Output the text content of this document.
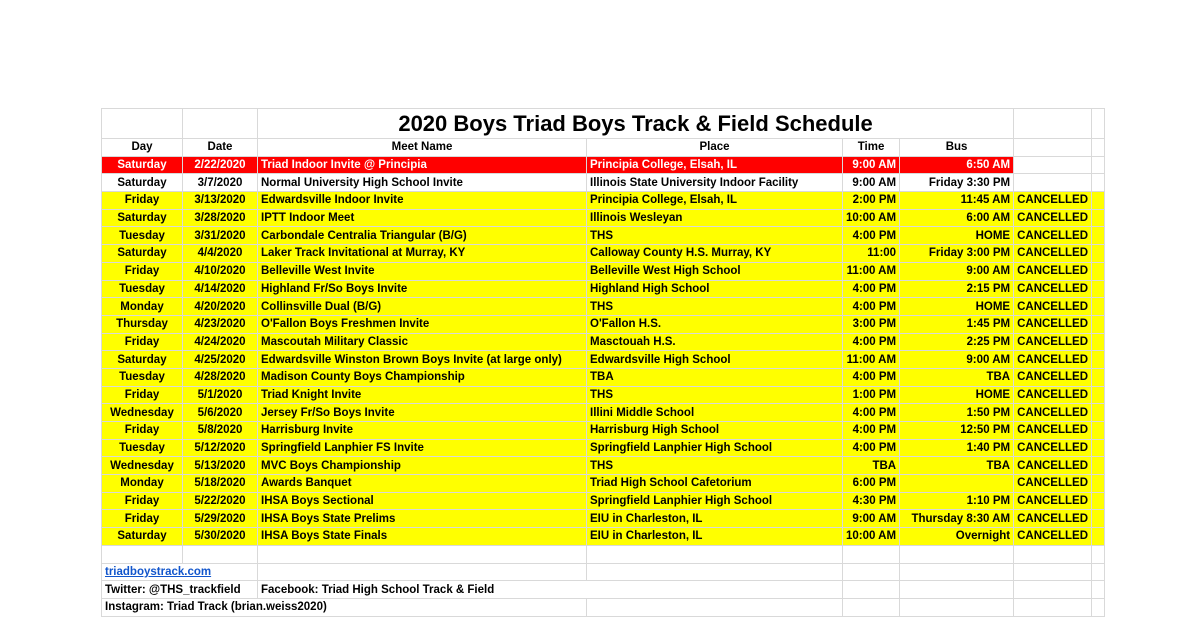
		2020 Boys Triad Boys Track & Field Schedule					
Day	Date	Meet Name	Place	Time	Bus		
Saturday	2/22/2020	Triad Indoor Invite @ Principia	Principia College, Elsah, IL	9:00 AM	6:50 AM		
Saturday	3/7/2020	Normal University High School Invite	Illinois State University Indoor Facility	9:00 AM	Friday 3:30 PM		
Friday	3/13/2020	Edwardsville Indoor Invite	Principia College, Elsah, IL	2:00 PM	11:45 AM	CANCELLED	
Saturday	3/28/2020	IPTT Indoor Meet	Illinois Wesleyan	10:00 AM	6:00 AM	CANCELLED	
Tuesday	3/31/2020	Carbondale Centralia Triangular (B/G)	THS	4:00 PM	HOME	CANCELLED	
Saturday	4/4/2020	Laker Track Invitational at Murray, KY	Calloway County H.S. Murray, KY	11:00	Friday 3:00 PM	CANCELLED	
Friday	4/10/2020	Belleville West Invite	Belleville West High School	11:00 AM	9:00 AM	CANCELLED	
Tuesday	4/14/2020	Highland Fr/So Boys Invite	Highland High School	4:00 PM	2:15 PM	CANCELLED	
Monday	4/20/2020	Collinsville Dual (B/G)	THS	4:00 PM	HOME	CANCELLED	
Thursday	4/23/2020	O'Fallon Boys Freshmen Invite	O'Fallon H.S.	3:00 PM	1:45 PM	CANCELLED	
Friday	4/24/2020	Mascoutah Military Classic	Masctouah H.S.	4:00 PM	2:25 PM	CANCELLED	
Saturday	4/25/2020	Edwardsville Winston Brown Boys Invite (at large only)	Edwardsville High School	11:00 AM	9:00 AM	CANCELLED	
Tuesday	4/28/2020	Madison County Boys Championship	TBA	4:00 PM	TBA	CANCELLED	
Friday	5/1/2020	Triad Knight Invite	THS	1:00 PM	HOME	CANCELLED	
Wednesday	5/6/2020	Jersey Fr/So Boys Invite	Illini Middle School	4:00 PM	1:50 PM	CANCELLED	
Friday	5/8/2020	Harrisburg Invite	Harrisburg High School	4:00 PM	12:50 PM	CANCELLED	
Tuesday	5/12/2020	Springfield Lanphier FS Invite	Springfield Lanphier High School	4:00 PM	1:40 PM	CANCELLED	
Wednesday	5/13/2020	MVC Boys Championship	THS	TBA	TBA	CANCELLED	
Monday	5/18/2020	Awards Banquet	Triad High School Cafetorium	6:00 PM		CANCELLED	
Friday	5/22/2020	IHSA Boys Sectional	Springfield Lanphier High School	4:30 PM	1:10 PM	CANCELLED	
Friday	5/29/2020	IHSA Boys State Prelims	EIU in Charleston, IL	9:00 AM	Thursday 8:30 AM	CANCELLED	
Saturday	5/30/2020	IHSA Boys State Finals	EIU in Charleston, IL	10:00 AM	Overnight	CANCELLED	

triadboystrack.com							
Twitter: @THS_trackfield		Facebook: Triad High School Track & Field					
Instagram: Triad Track (brian.weiss2020)							
